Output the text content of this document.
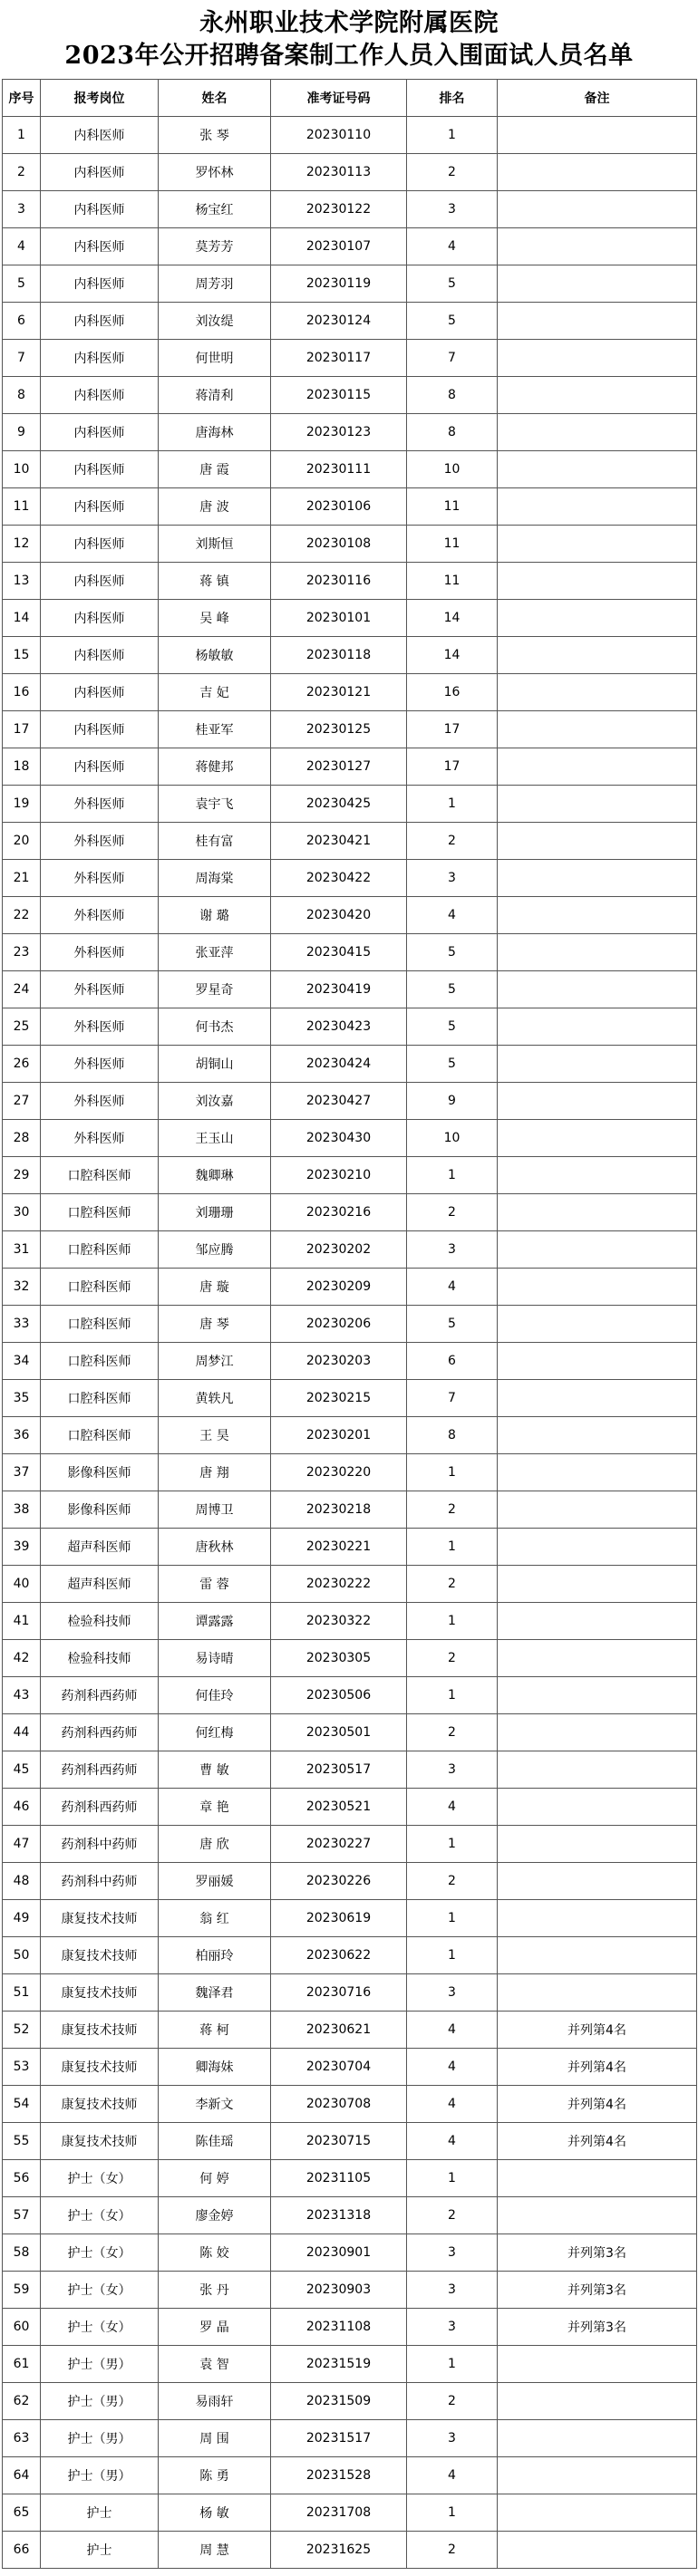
永州职业技术学院附属医院
2023年公开招聘备案制工作人员入围面试人员名单
序号	报考岗位	姓名	准考证号码	排名	备注
1	内科医师	张 琴	20230110	1	
2	内科医师	罗怀林	20230113	2	
3	内科医师	杨宝红	20230122	3	
4	内科医师	莫芳芳	20230107	4	
5	内科医师	周芳羽	20230119	5	
6	内科医师	刘汝缇	20230124	5	
7	内科医师	何世明	20230117	7	
8	内科医师	蒋清利	20230115	8	
9	内科医师	唐海林	20230123	8	
10	内科医师	唐 霞	20230111	10	
11	内科医师	唐 波	20230106	11	
12	内科医师	刘斯恒	20230108	11	
13	内科医师	蒋 镇	20230116	11	
14	内科医师	吴 峰	20230101	14	
15	内科医师	杨敏敏	20230118	14	
16	内科医师	吉 妃	20230121	16	
17	内科医师	桂亚军	20230125	17	
18	内科医师	蒋健邦	20230127	17	
19	外科医师	袁宇飞	20230425	1	
20	外科医师	桂有富	20230421	2	
21	外科医师	周海棠	20230422	3	
22	外科医师	谢 璐	20230420	4	
23	外科医师	张亚萍	20230415	5	
24	外科医师	罗星奇	20230419	5	
25	外科医师	何书杰	20230423	5	
26	外科医师	胡铜山	20230424	5	
27	外科医师	刘汝嘉	20230427	9	
28	外科医师	王玉山	20230430	10	
29	口腔科医师	魏卿琳	20230210	1	
30	口腔科医师	刘珊珊	20230216	2	
31	口腔科医师	邹应腾	20230202	3	
32	口腔科医师	唐 璇	20230209	4	
33	口腔科医师	唐 琴	20230206	5	
34	口腔科医师	周梦江	20230203	6	
35	口腔科医师	黄轶凡	20230215	7	
36	口腔科医师	王 昊	20230201	8	
37	影像科医师	唐 翔	20230220	1	
38	影像科医师	周博卫	20230218	2	
39	超声科医师	唐秋林	20230221	1	
40	超声科医师	雷 蓉	20230222	2	
41	检验科技师	谭露露	20230322	1	
42	检验科技师	易诗晴	20230305	2	
43	药剂科西药师	何佳玲	20230506	1	
44	药剂科西药师	何红梅	20230501	2	
45	药剂科西药师	曹 敏	20230517	3	
46	药剂科西药师	章 艳	20230521	4	
47	药剂科中药师	唐 欣	20230227	1	
48	药剂科中药师	罗丽媛	20230226	2	
49	康复技术技师	翁 红	20230619	1	
50	康复技术技师	柏丽玲	20230622	1	
51	康复技术技师	魏泽君	20230716	3	
52	康复技术技师	蒋 柯	20230621	4	并列第4名
53	康复技术技师	卿海妹	20230704	4	并列第4名
54	康复技术技师	李新文	20230708	4	并列第4名
55	康复技术技师	陈佳瑶	20230715	4	并列第4名
56	护士（女）	何 婷	20231105	1	
57	护士（女）	廖金婷	20231318	2	
58	护士（女）	陈 姣	20230901	3	并列第3名
59	护士（女）	张 丹	20230903	3	并列第3名
60	护士（女）	罗 晶	20231108	3	并列第3名
61	护士（男）	袁 智	20231519	1	
62	护士（男）	易雨轩	20231509	2	
63	护士（男）	周 围	20231517	3	
64	护士（男）	陈 勇	20231528	4	
65	护士	杨 敏	20231708	1	
66	护士	周 慧	20231625	2	
